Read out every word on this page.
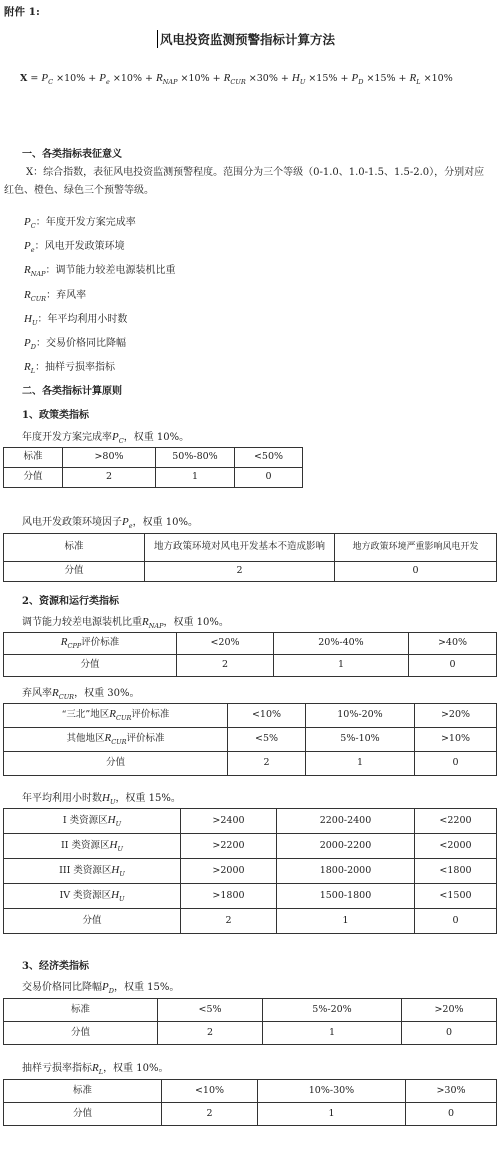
附件 1:
风电投资监测预警指标计算方法
$X = P_C \times 10\% + P_e \times 10\% + R_{NAP} \times 10\% + R_{CUR} \times 30\% + H_U \times 15\% + P_D \times 15\% + R_L \times 10\%$
一、各类指标表征意义
X：综合指数，表征风电投资监测预警程度。范围分为三个等级（0-1.0、1.0-1.5、1.5-2.0），分别对应红色、橙色、绿色三个预警等级。
$P_C$：年度开发方案完成率
$P_e$：风电开发政策环境
$R_{NAP}$：调节能力较差电源装机比重
$R_{CUR}$：弃风率
$H_U$：年平均利用小时数
$P_D$：交易价格同比降幅
$R_L$：抽样亏损率指标
二、各类指标计算原则
1、政策类指标
年度开发方案完成率$P_C$，权重 10%。
标准	>80%	50%-80%	<50%
分值	2	1	0
风电开发政策环境因子$P_e$，权重 10%。
标准	地方政策环境对风电开发基本不造成影响	地方政策环境严重影响风电开发
分值	2	0
2、资源和运行类指标
调节能力较差电源装机比重$R_{NAP}$，权重 10%。
$R_{CPP}$评价标准	<20%	20%-40%	>40%
分值	2	1	0
弃风率$R_{CUR}$，权重 30%。
“三北”地区$R_{CUR}$评价标准	<10%	10%-20%	>20%
其他地区$R_{CUR}$评价标准	<5%	5%-10%	>10%
分值	2	1	0
年平均利用小时数$H_U$，权重 15%。
I 类资源区$H_U$	>2400	2200-2400	<2200
II 类资源区$H_U$	>2200	2000-2200	<2000
III 类资源区$H_U$	>2000	1800-2000	<1800
IV 类资源区$H_U$	>1800	1500-1800	<1500
分值	2	1	0
3、经济类指标
交易价格同比降幅$P_D$，权重 15%。
标准	<5%	5%-20%	>20%
分值	2	1	0
抽样亏损率指标$R_L$，权重 10%。
标准	<10%	10%-30%	>30%
分值	2	1	0
